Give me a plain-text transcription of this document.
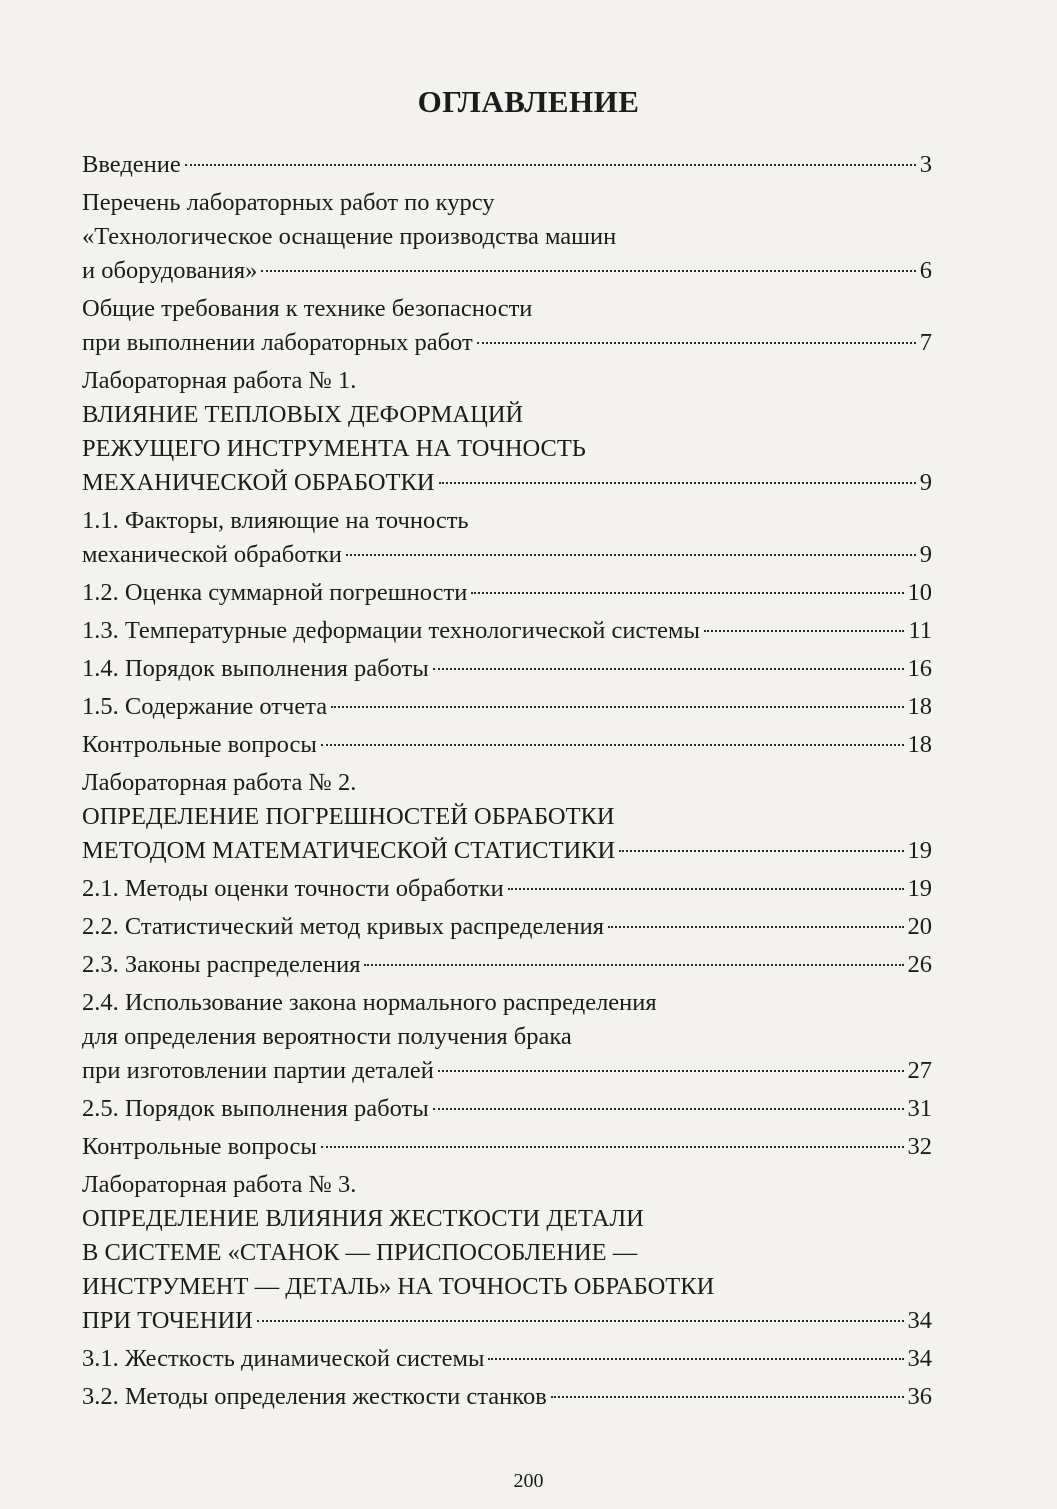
ОГЛАВЛЕНИЕ
Введение	3
Перечень лабораторных работ по курсу
«Технологическое оснащение производства машин
и оборудования»	6
Общие требования к технике безопасности
при выполнении лабораторных работ	7
Лабораторная работа № 1.
ВЛИЯНИЕ ТЕПЛОВЫХ ДЕФОРМАЦИЙ
РЕЖУЩЕГО ИНСТРУМЕНТА НА ТОЧНОСТЬ
МЕХАНИЧЕСКОЙ ОБРАБОТКИ	9
1.1. Факторы, влияющие на точность
механической обработки	9
1.2. Оценка суммарной погрешности	10
1.3. Температурные деформации технологической системы	11
1.4. Порядок выполнения работы	16
1.5. Содержание отчета	18
Контрольные вопросы	18
Лабораторная работа № 2.
ОПРЕДЕЛЕНИЕ ПОГРЕШНОСТЕЙ ОБРАБОТКИ
МЕТОДОМ МАТЕМАТИЧЕСКОЙ СТАТИСТИКИ	19
2.1. Методы оценки точности обработки	19
2.2. Статистический метод кривых распределения	20
2.3. Законы распределения	26
2.4. Использование закона нормального распределения
для определения вероятности получения брака
при изготовлении партии деталей	27
2.5. Порядок выполнения работы	31
Контрольные вопросы	32
Лабораторная работа № 3.
ОПРЕДЕЛЕНИЕ ВЛИЯНИЯ ЖЕСТКОСТИ ДЕТАЛИ
В СИСТЕМЕ «СТАНОК — ПРИСПОСОБЛЕНИЕ —
ИНСТРУМЕНТ — ДЕТАЛЬ» НА ТОЧНОСТЬ ОБРАБОТКИ
ПРИ ТОЧЕНИИ	34
3.1. Жесткость динамической системы	34
3.2. Методы определения жесткости станков	36
200
